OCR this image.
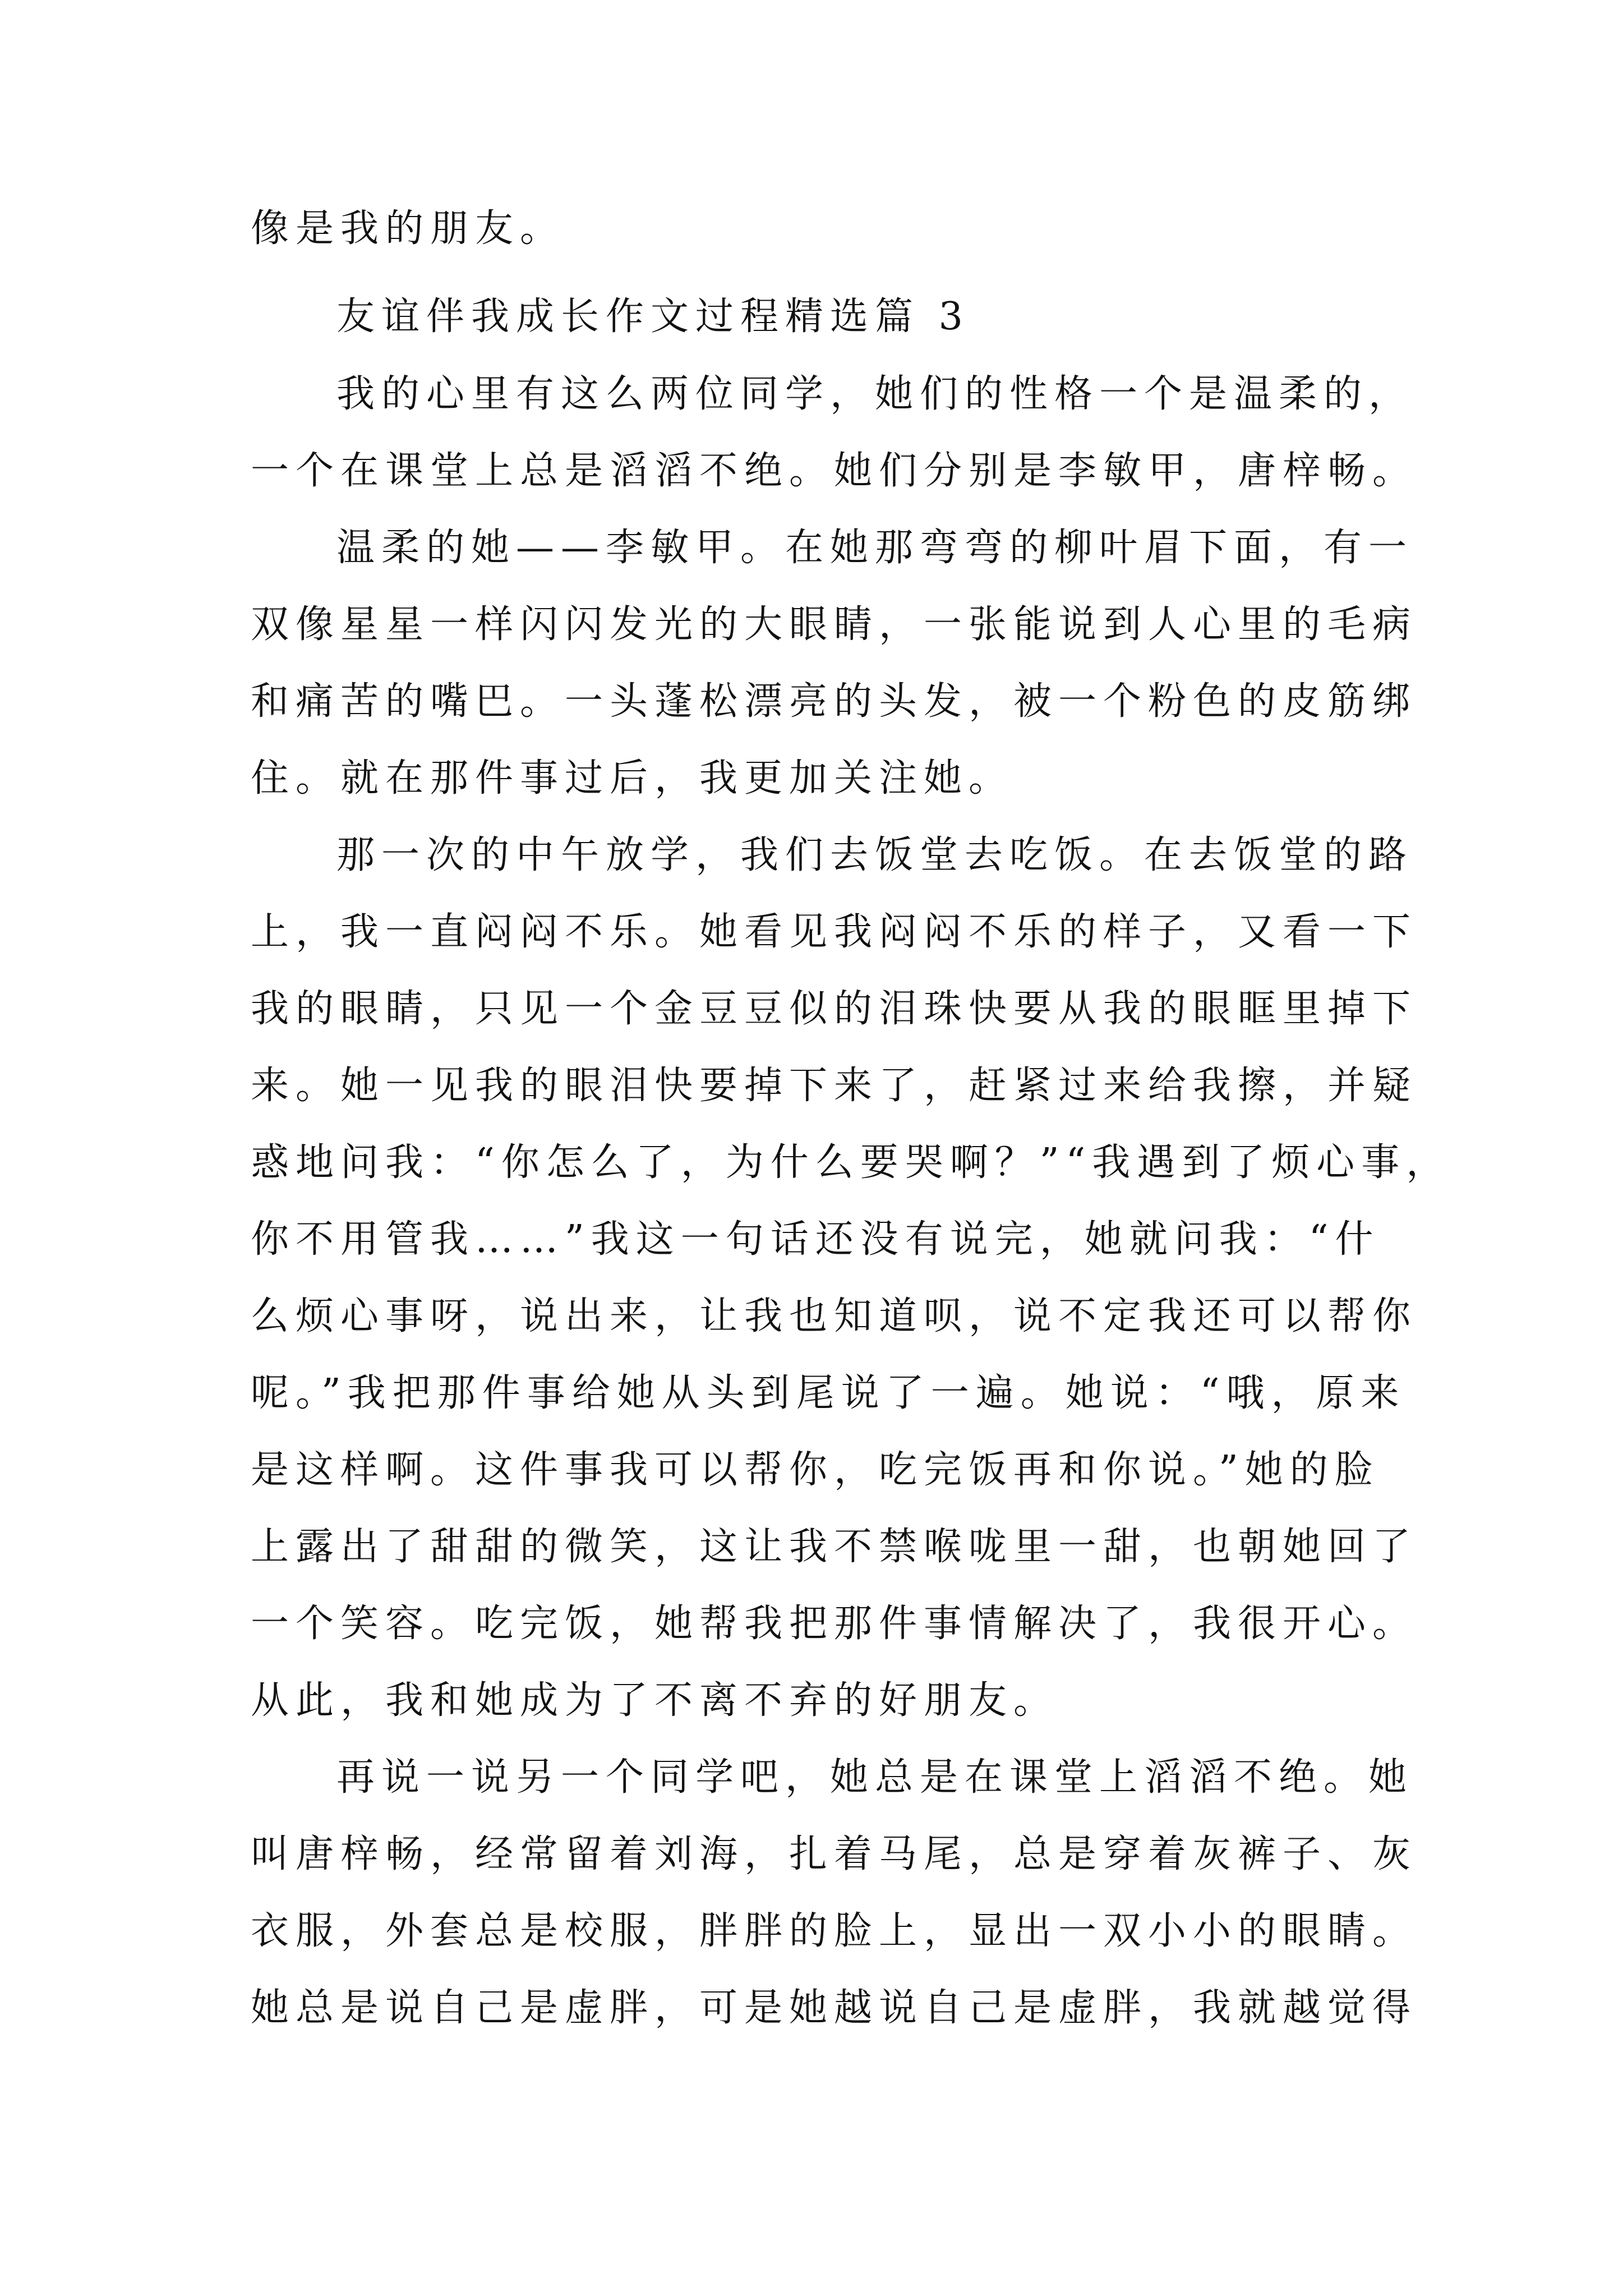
像是我的朋友。

友谊伴我成长作文过程精选篇 3

我的心里有这么两位同学，她们的性格一个是温柔的，

一个在课堂上总是滔滔不绝。她们分别是李敏甲，唐梓畅。

温柔的她——李敏甲。在她那弯弯的柳叶眉下面，有一

双像星星一样闪闪发光的大眼睛，一张能说到人心里的毛病

和痛苦的嘴巴。一头蓬松漂亮的头发，被一个粉色的皮筋绑

住。就在那件事过后，我更加关注她。

那一次的中午放学，我们去饭堂去吃饭。在去饭堂的路

上，我一直闷闷不乐。她看见我闷闷不乐的样子，又看一下

我的眼睛，只见一个金豆豆似的泪珠快要从我的眼眶里掉下

来。她一见我的眼泪快要掉下来了，赶紧过来给我擦，并疑

惑地问我：“你怎么了，为什么要哭啊？”“我遇到了烦心事，

你不用管我……”我这一句话还没有说完，她就问我：“什

么烦心事呀，说出来，让我也知道呗，说不定我还可以帮你

呢。”我把那件事给她从头到尾说了一遍。她说：“哦，原来

是这样啊。这件事我可以帮你，吃完饭再和你说。”她的脸

上露出了甜甜的微笑，这让我不禁喉咙里一甜，也朝她回了

一个笑容。吃完饭，她帮我把那件事情解决了，我很开心。

从此，我和她成为了不离不弃的好朋友。

再说一说另一个同学吧，她总是在课堂上滔滔不绝。她

叫唐梓畅，经常留着刘海，扎着马尾，总是穿着灰裤子、灰

衣服，外套总是校服，胖胖的脸上，显出一双小小的眼睛。

她总是说自己是虚胖，可是她越说自己是虚胖，我就越觉得
